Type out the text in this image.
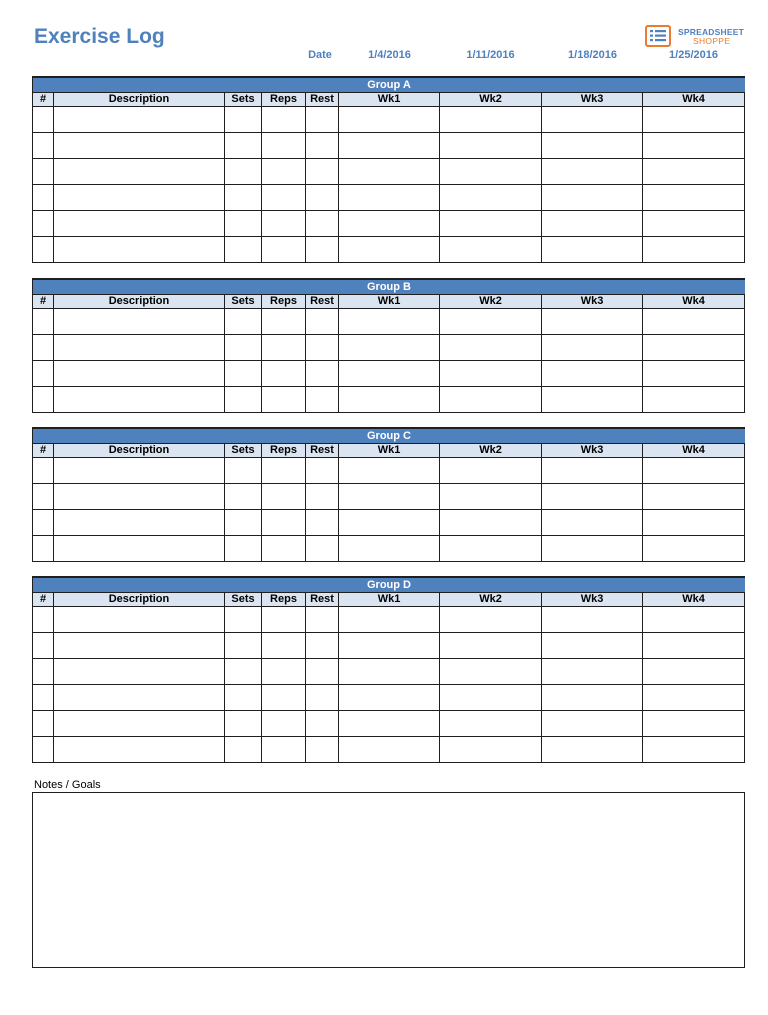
Exercise Log
Date	1/4/2016	1/11/2016	1/18/2016	1/25/2016
SPREADSHEET
SHOPPE
Group A
#	Description	Sets	Reps	Rest	Wk1	Wk2	Wk3	Wk4

Group B
#	Description	Sets	Reps	Rest	Wk1	Wk2	Wk3	Wk4

Group C
#	Description	Sets	Reps	Rest	Wk1	Wk2	Wk3	Wk4

Group D
#	Description	Sets	Reps	Rest	Wk1	Wk2	Wk3	Wk4

Notes / Goals
